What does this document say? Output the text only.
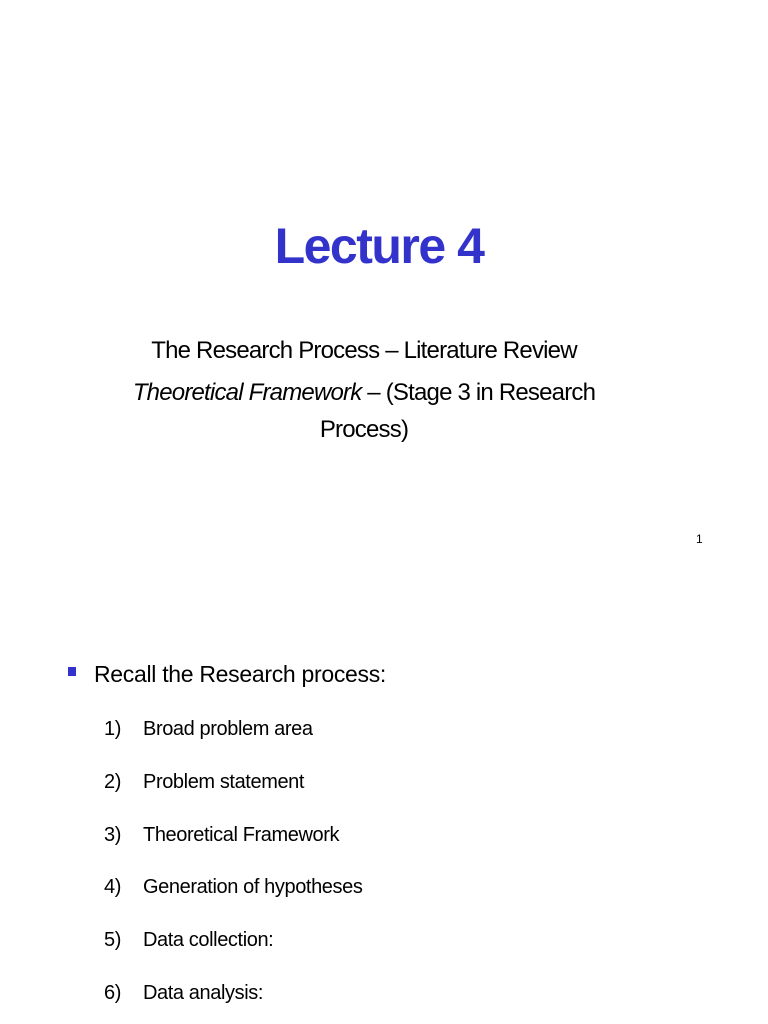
Lecture 4
The Research Process – Literature Review
Theoretical Framework – (Stage 3 in Research
Process)
1
Recall the Research process:
1) Broad problem area
2) Problem statement
3) Theoretical Framework
4) Generation of hypotheses
5) Data collection:
6) Data analysis:
